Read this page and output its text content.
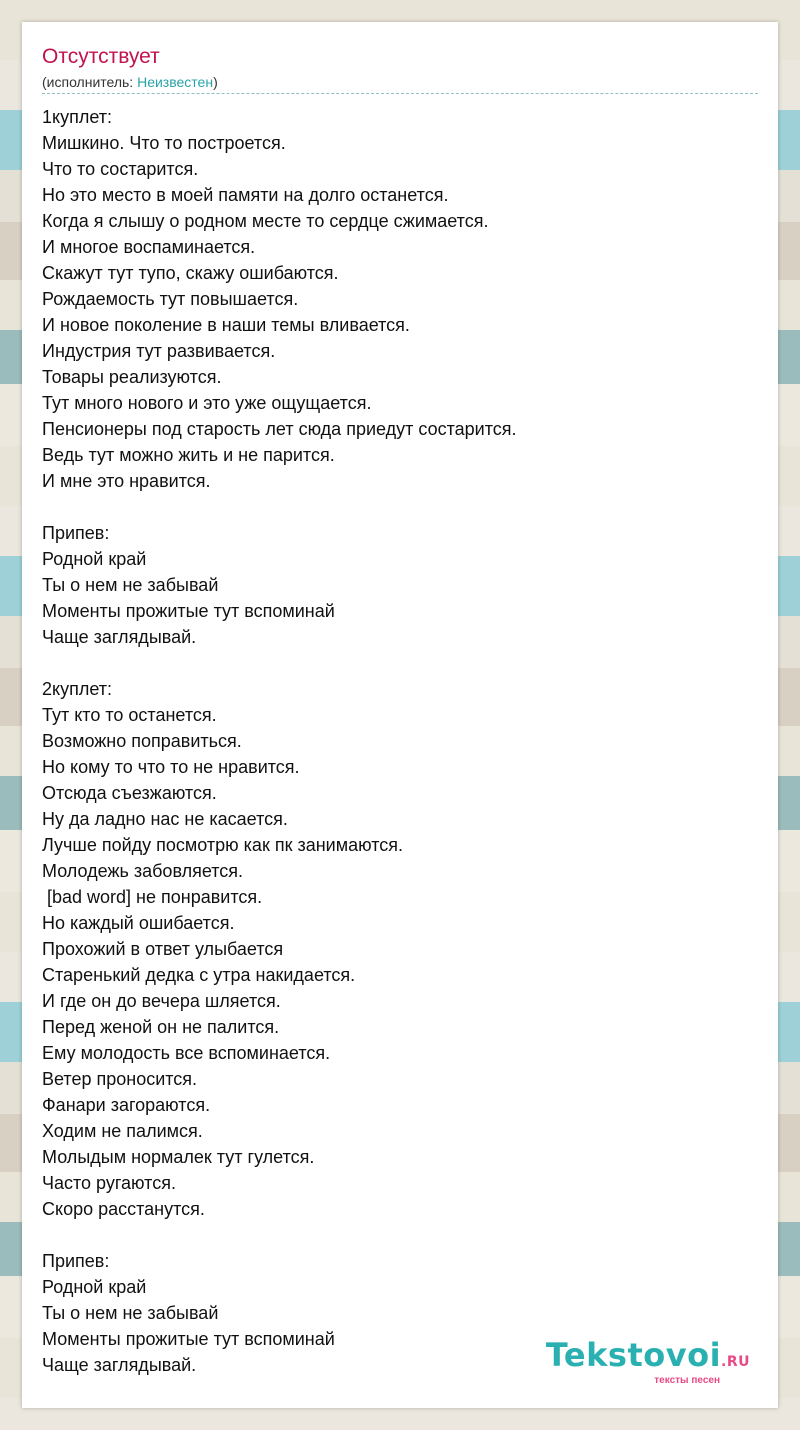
Отсутствует
(исполнитель: Неизвестен)
1куплет:
Мишкино. Что то построется.
Что то состарится.
Но это место в моей памяти на долго останется.
Когда я слышу о родном месте то сердце сжимается.
И многое воспаминается.
Скажут тут тупо, скажу ошибаются.
Рождаемость тут повышается.
И новое поколение в наши темы вливается.
Индустрия тут развивается.
Товары реализуются.
Тут много нового и это уже ощущается.
Пенсионеры под старость лет сюда приедут состарится.
Ведь тут можно жить и не парится.
И мне это нравится.
Припев:
Родной край
Ты о нем не забывай
Моменты прожитые тут вспоминай
Чаще заглядывай.
2куплет:
Тут кто то останется.
Возможно поправиться.
Но кому то что то не нравится.
Отсюда съезжаются.
Ну да ладно нас не касается.
Лучше пойду посмотрю как пк занимаются.
Молодежь забовляется.
[bad word] не понравится.
Но каждый ошибается.
Прохожий в ответ улыбается
Старенький дедка с утра накидается.
И где он до вечера шляется.
Перед женой он не палится.
Ему молодость все вспоминается.
Ветер проносится.
Фанари загораются.
Ходим не палимся.
Молыдым нормалек тут гулется.
Часто ругаются.
Скоро расстанутся.
Припев:
Родной край
Ты о нем не забывай
Моменты прожитые тут вспоминай
Чаще заглядывай.	Tekstovoi.RU
тексты песен
